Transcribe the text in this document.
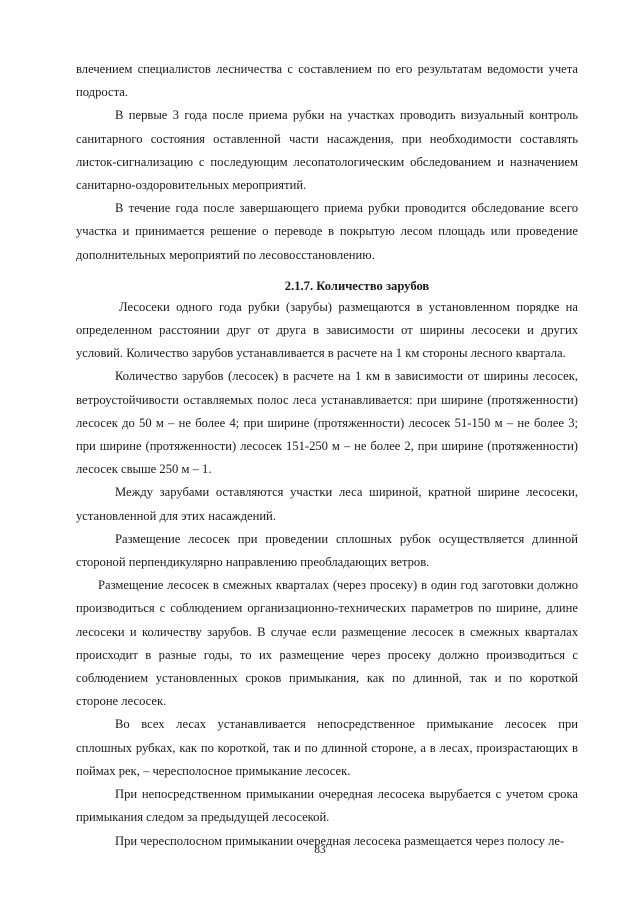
влечением специалистов лесничества с составлением по его результатам ведомости учета подроста.

В первые 3 года после приема рубки на участках проводить визуальный контроль санитарного состояния оставленной части насаждения, при необходимости составлять листок-сигнализацию с последующим лесопатологическим обследованием и назначением санитарно-оздоровительных мероприятий.

В течение года после завершающего приема рубки проводится обследование всего участка и принимается решение о переводе в покрытую лесом площадь или проведение дополнительных мероприятий по лесовосстановлению.

2.1.7. Количество зарубов

Лесосеки одного года рубки (зарубы) размещаются в установленном порядке на определенном расстоянии друг от друга в зависимости от ширины лесосеки и других условий. Количество зарубов устанавливается в расчете на 1 км стороны лесного квартала.

Количество зарубов (лесосек) в расчете на 1 км в зависимости от ширины лесосек, ветроустойчивости оставляемых полос леса устанавливается: при ширине (протяженности) лесосек до 50 м – не более 4; при ширине (протяженности) лесосек 51-150 м – не более 3; при ширине (протяженности) лесосек 151-250 м – не более 2, при ширине (протяженности) лесосек свыше 250 м – 1.

Между зарубами оставляются участки леса шириной, кратной ширине лесосеки, установленной для этих насаждений.

Размещение лесосек при проведении сплошных рубок осуществляется длинной стороной перпендикулярно направлению преобладающих ветров.

Размещение лесосек в смежных кварталах (через просеку) в один год заготовки должно производиться с соблюдением организационно-технических параметров по ширине, длине лесосеки и количеству зарубов. В случае если размещение лесосек в смежных кварталах происходит в разные годы, то их размещение через просеку должно производиться с соблюдением установленных сроков примыкания, как по длинной, так и по короткой стороне лесосек.

Во всех лесах устанавливается непосредственное примыкание лесосек при сплошных рубках, как по короткой, так и по длинной стороне, а в лесах, произрастающих в поймах рек, – чересполосное примыкание лесосек.

При непосредственном примыкании очередная лесосека вырубается с учетом срока примыкания следом за предыдущей лесосекой.

При чересполосном примыкании очередная лесосека размещается через полосу ле-

83
